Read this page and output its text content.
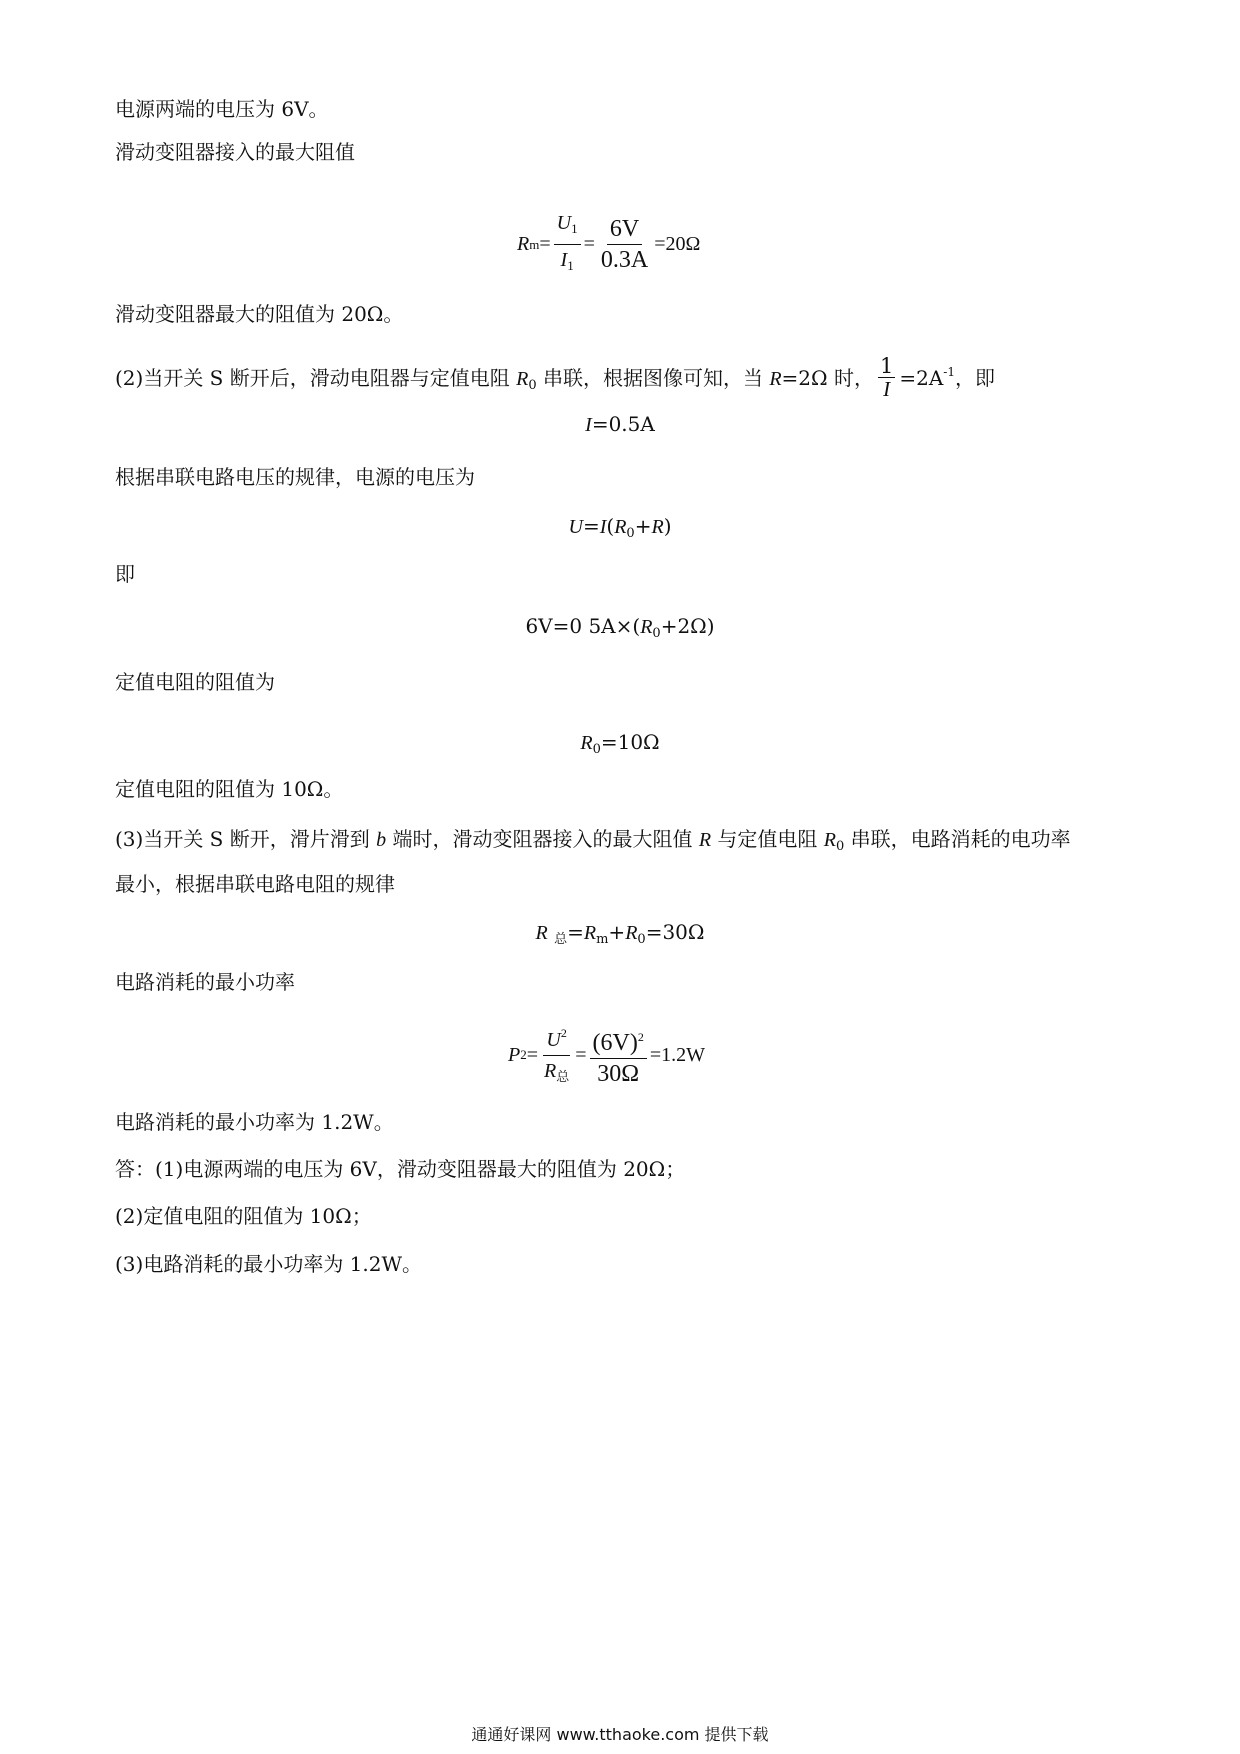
电源两端的电压为 6V。
滑动变阻器接入的最大阻值
R $m = \frac{U_1}{I_1} = \frac{6V}{0.3A} =20\Omega$
滑动变阻器最大的阻值为 20Ω。
(2)当开关 S 断开后，滑动电阻器与定值电阻 $R_0$ 串联，根据图像可知，当 R=2Ω 时， $\frac{1}{I} =2A^{-1}$，即
I=0.5A
根据串联电路电压的规律，电源的电压为
$U=I(R_0+R)$
即
6V=0 $5A\times(R_0+2\Omega)$
定值电阻的阻值为
$R_0=10\Omega$
定值电阻的阻值为 10Ω。
(3)当开关 S 断开，滑片滑到 b 端时，滑动变阻器接入的最大阻值 R 与定值电阻 $R_0$ 串联，电路消耗的电功率
最小，根据串联电路电阻的规律
R $_总=R_m+R_0=30\Omega$
电路消耗的最小功率
P $2 = \frac{U^2}{R_总} = \frac{(6V)^2}{30\Omega} =1.2W$
电路消耗的最小功率为 1.2W。
答：(1)电源两端的电压为 6V，滑动变阻器最大的阻值为 20Ω；
(2)定值电阻的阻值为 10Ω；
(3)电路消耗的最小功率为 1.2W。
通通好课网 www.tthaoke.com 提供下载
